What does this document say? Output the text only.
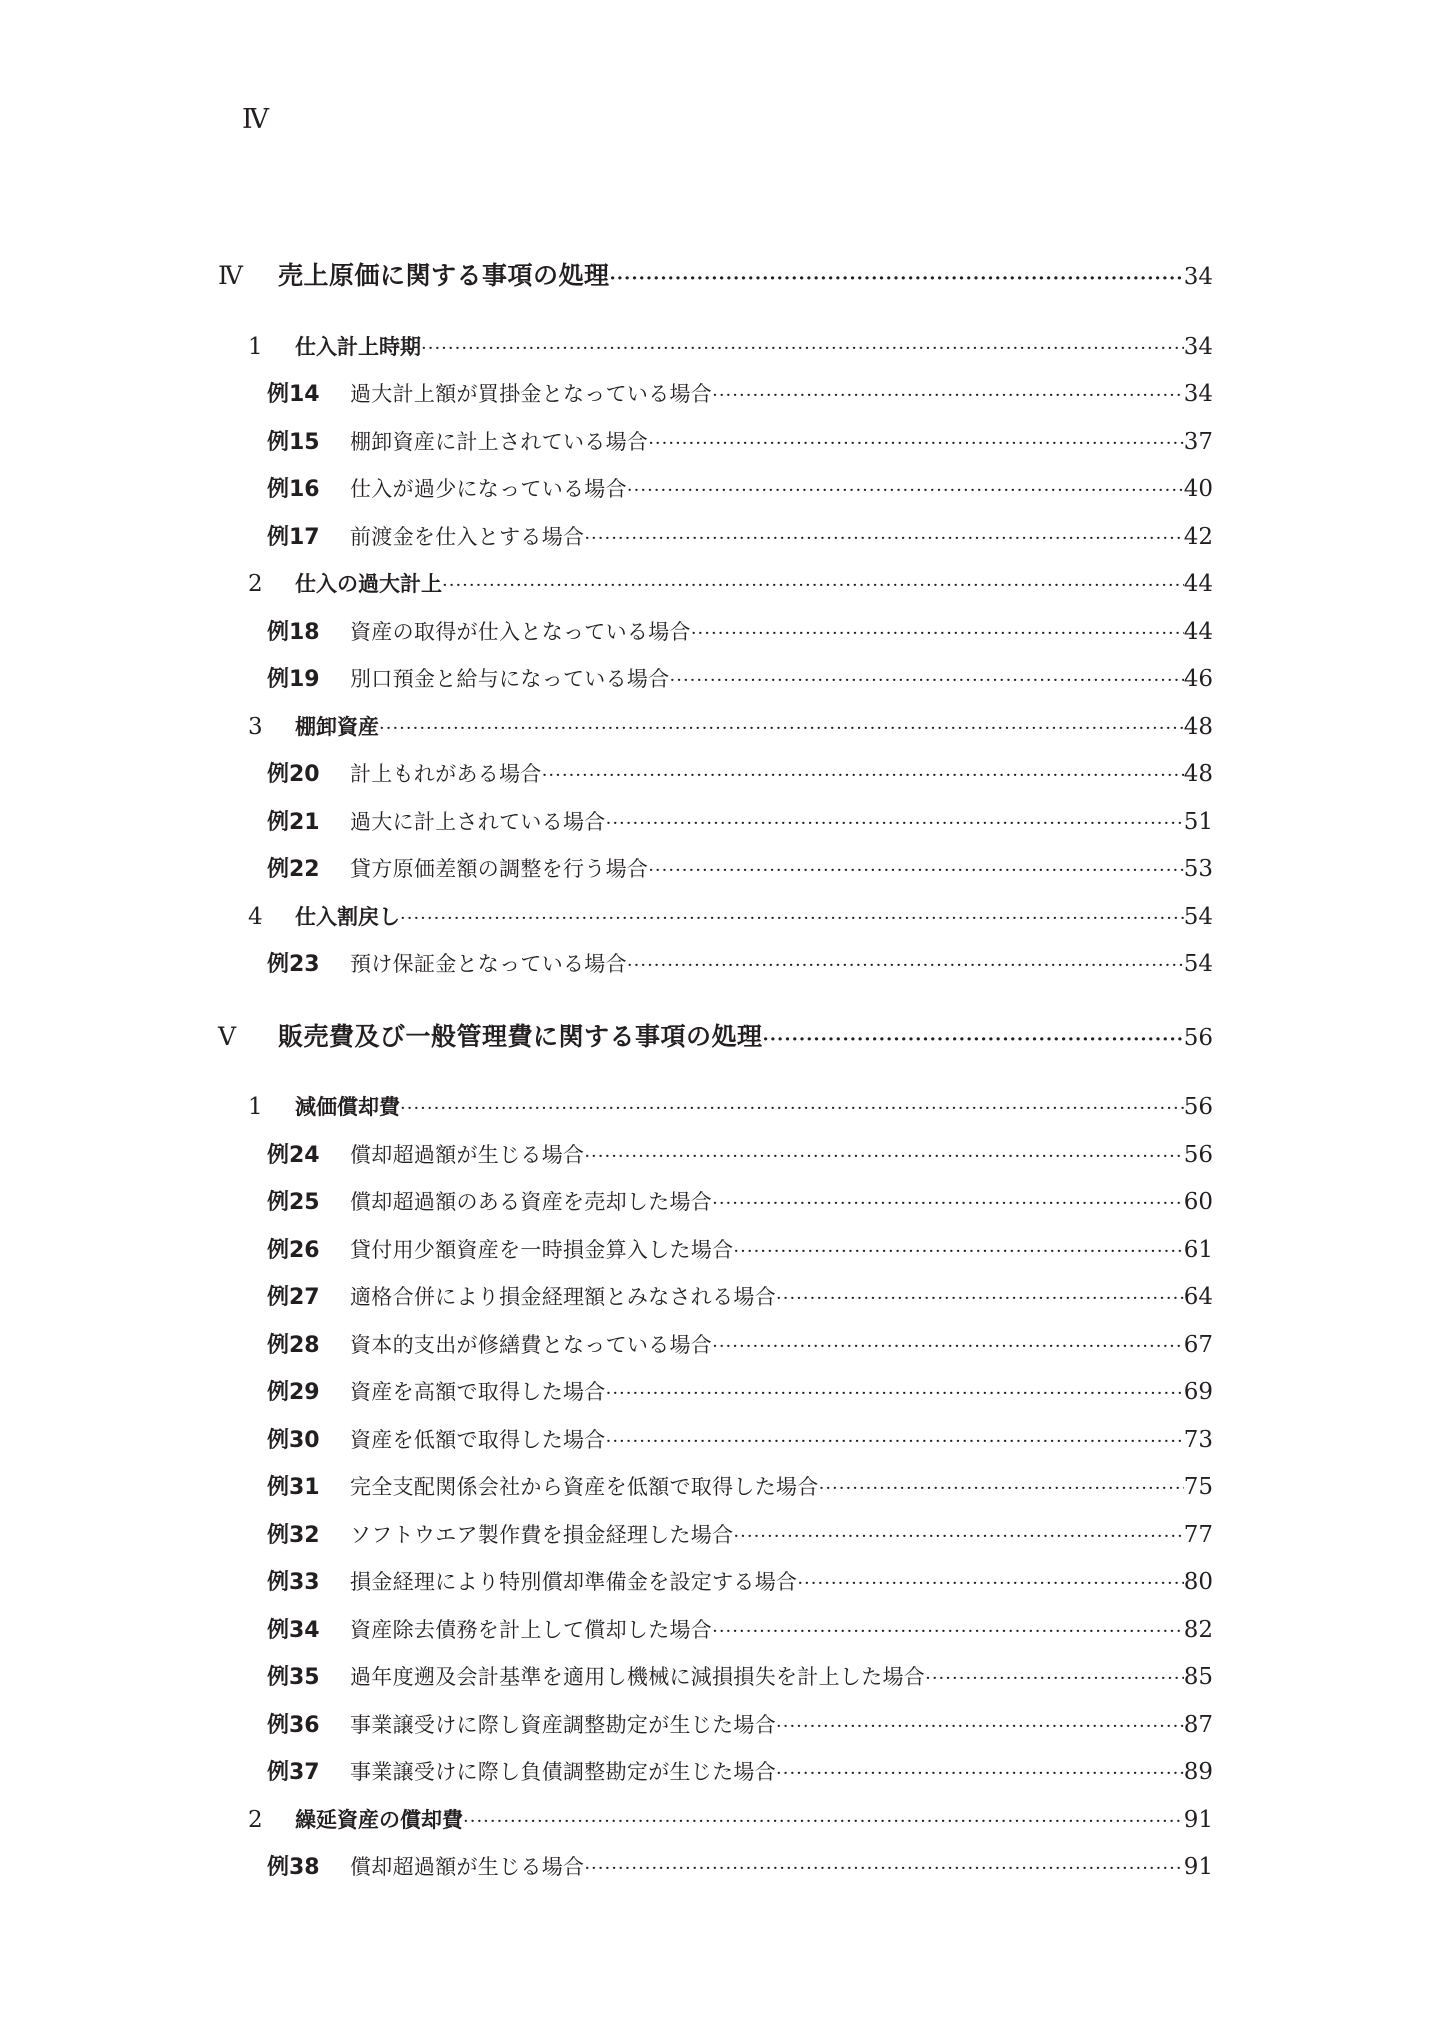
Ⅳ
Ⅳ	売上原価に関する事項の処理 ·····	34
1	仕入計上時期 ·····	34
例14	過大計上額が買掛金となっている場合 ·····	34
例15	棚卸資産に計上されている場合 ·····	37
例16	仕入が過少になっている場合 ·····	40
例17	前渡金を仕入とする場合 ·····	42
2	仕入の過大計上 ·····	44
例18	資産の取得が仕入となっている場合 ·····	44
例19	別口預金と給与になっている場合 ·····	46
3	棚卸資産 ·····	48
例20	計上もれがある場合 ·····	48
例21	過大に計上されている場合 ·····	51
例22	貸方原価差額の調整を行う場合 ·····	53
4	仕入割戻し ·····	54
例23	預け保証金となっている場合 ·····	54
Ⅴ	販売費及び一般管理費に関する事項の処理 ·····	56
1	減価償却費 ·····	56
例24	償却超過額が生じる場合 ·····	56
例25	償却超過額のある資産を売却した場合 ·····	60
例26	貸付用少額資産を一時損金算入した場合 ·····	61
例27	適格合併により損金経理額とみなされる場合 ·····	64
例28	資本的支出が修繕費となっている場合 ·····	67
例29	資産を高額で取得した場合 ·····	69
例30	資産を低額で取得した場合 ·····	73
例31	完全支配関係会社から資産を低額で取得した場合 ·····	75
例32	ソフトウエア製作費を損金経理した場合 ·····	77
例33	損金経理により特別償却準備金を設定する場合 ·····	80
例34	資産除去債務を計上して償却した場合 ·····	82
例35	過年度遡及会計基準を適用し機械に減損損失を計上した場合 ·····	85
例36	事業譲受けに際し資産調整勘定が生じた場合 ·····	87
例37	事業譲受けに際し負債調整勘定が生じた場合 ·····	89
2	繰延資産の償却費 ·····	91
例38	償却超過額が生じる場合 ·····	91
